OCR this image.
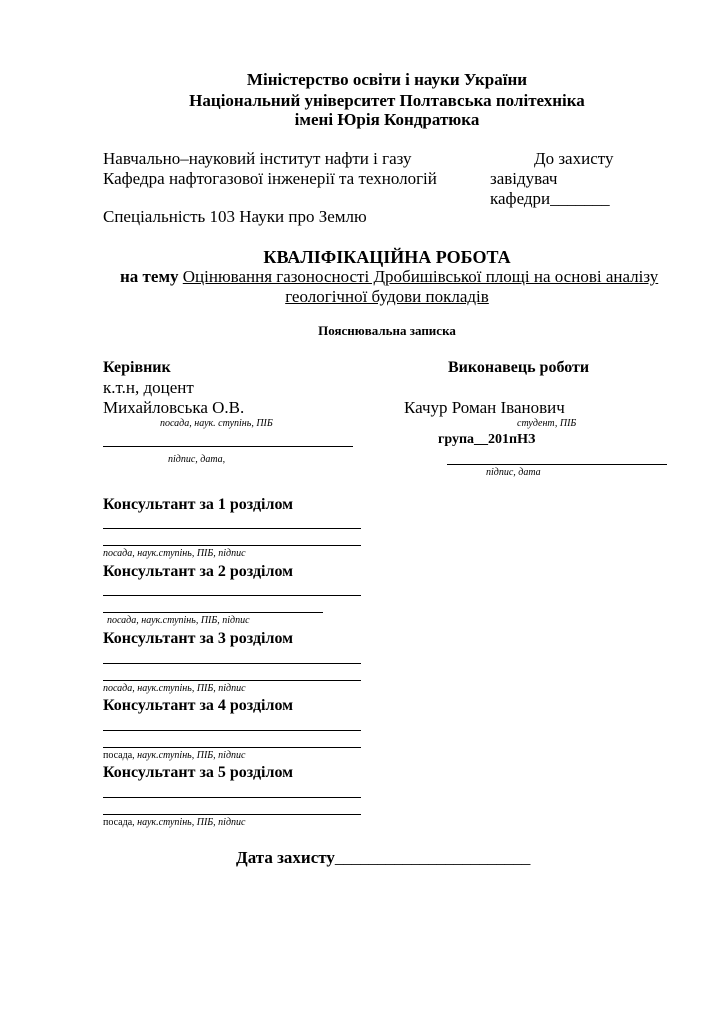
Міністерство освіти і науки України
Національний університет Полтавська політехніка
імені Юрія Кондратюка
Навчально–науковий інститут нафти і газу
Кафедра нафтогазової інженерії та технологій
Спеціальність 103 Науки про Землю
До захисту
завідувач
кафедри_______
КВАЛІФІКАЦІЙНА РОБОТА
на тему Оцінювання газоносності Дробишівської площі на основі аналізу
геологічної будови покладів
Пояснювальна записка
Керівник
к.т.н, доцент
Михайловська О.В.
посада, наук. ступінь, ПІБ
підпис, дата,
Виконавець роботи
Качур Роман Іванович
студент, ПІБ
група__201пНЗ
підпис, дата
Консультант за 1 розділом
посада, наук.ступінь, ПІБ, підпис
Консультант за 2 розділом
посада, наук.ступінь, ПІБ, підпис
Консультант за 3 розділом
посада, наук.ступінь, ПІБ, підпис
Консультант за 4 розділом
посада, наук.ступінь, ПІБ, підпис
Консультант за 5 розділом
посада, наук.ступінь, ПІБ, підпис
Дата захисту_______________________
